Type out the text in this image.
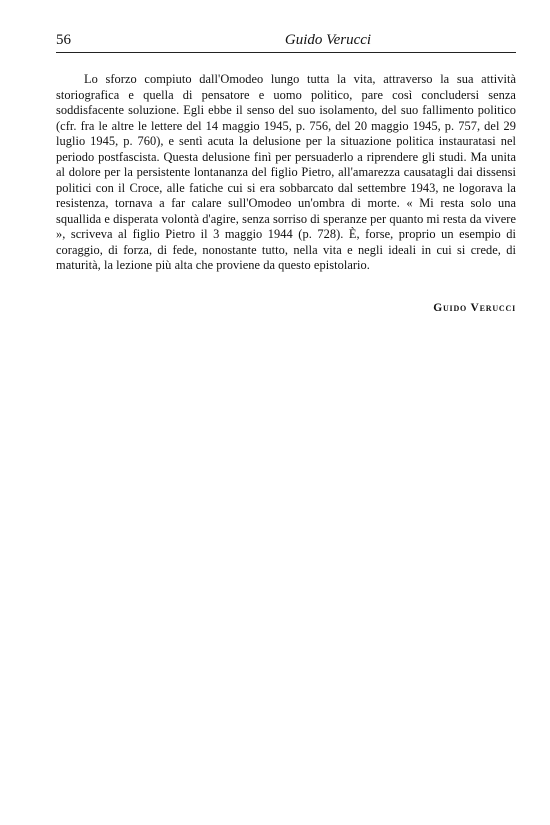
56	Guido Verucci

Lo sforzo compiuto dall'Omodeo lungo tutta la vita, attraverso la sua attività storiografica e quella di pensatore e uomo politico, pare così concludersi senza soddisfacente soluzione. Egli ebbe il senso del suo isolamento, del suo fallimento politico (cfr. fra le altre le lettere del 14 maggio 1945, p. 756, del 20 maggio 1945, p. 757, del 29 luglio 1945, p. 760), e sentì acuta la delusione per la situazione politica instauratasi nel periodo postfascista. Questa delusione finì per persuaderlo a riprendere gli studi. Ma unita al dolore per la persistente lontananza del figlio Pietro, all'amarezza causatagli dai dissensi politici con il Croce, alle fatiche cui si era sobbarcato dal settembre 1943, ne logorava la resistenza, tornava a far calare sull'Omodeo un'ombra di morte. « Mi resta solo una squallida e disperata volontà d'agire, senza sorriso di speranze per quanto mi resta da vivere », scriveva al figlio Pietro il 3 maggio 1944 (p. 728). È, forse, proprio un esempio di coraggio, di forza, di fede, nonostante tutto, nella vita e negli ideali in cui si crede, di maturità, la lezione più alta che proviene da questo epistolario.

Guido Verucci
